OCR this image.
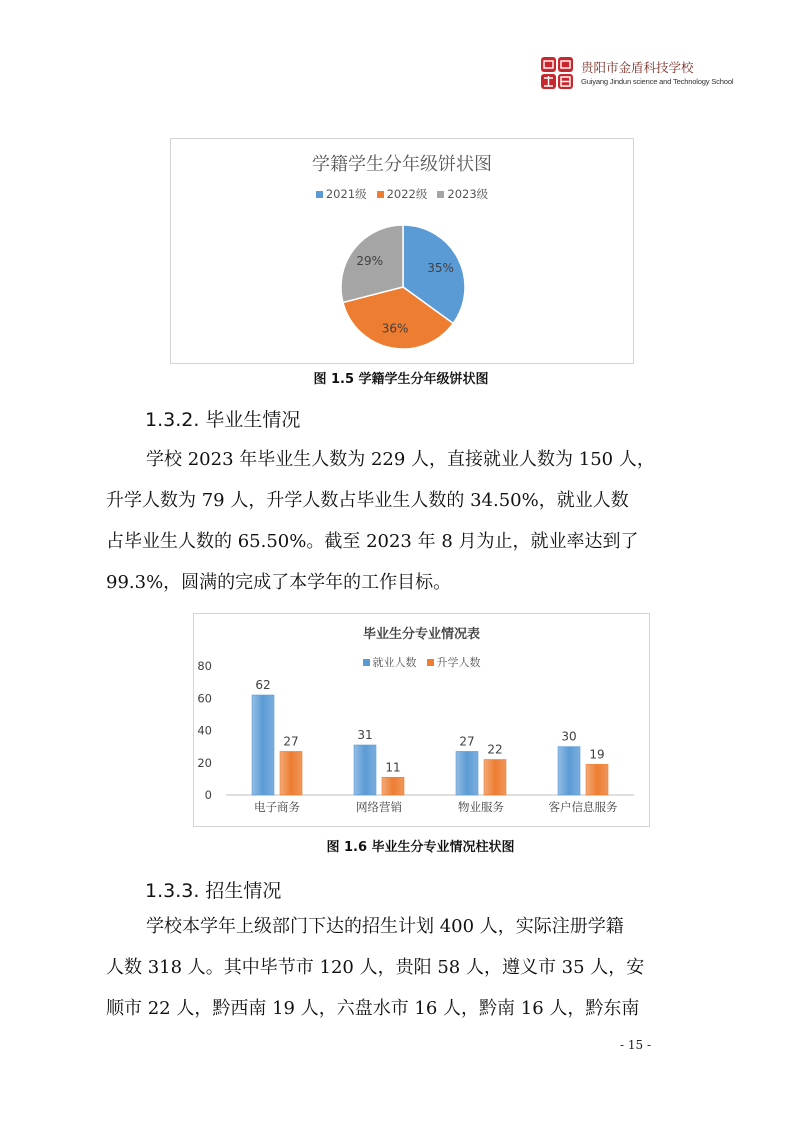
贵阳市金盾科技学校
Guiyang Jindun science and Technology School
学籍学生分年级饼状图
2021级 2022级 2023级
35%
36%
29%
图 1.5 学籍学生分年级饼状图
1.3.2. 毕业生情况
学校 2023 年毕业生人数为 229 人，直接就业人数为 150 人，
升学人数为 79 人，升学人数占毕业生人数的 34.50%，就业人数
占毕业生人数的 65.50%。截至 2023 年 8 月为止，就业率达到了
99.3%，圆满的完成了本学年的工作目标。
毕业生分专业情况表
就业人数 升学人数
0
20
40
60
80
62
27
电子商务
31
11
网络营销
27
22
物业服务
30
19
客户信息服务
图 1.6 毕业生分专业情况柱状图
1.3.3. 招生情况
学校本学年上级部门下达的招生计划 400 人，实际注册学籍
人数 318 人。其中毕节市 120 人，贵阳 58 人，遵义市 35 人，安
顺市 22 人，黔西南 19 人，六盘水市 16 人，黔南 16 人，黔东南
- 15 -
